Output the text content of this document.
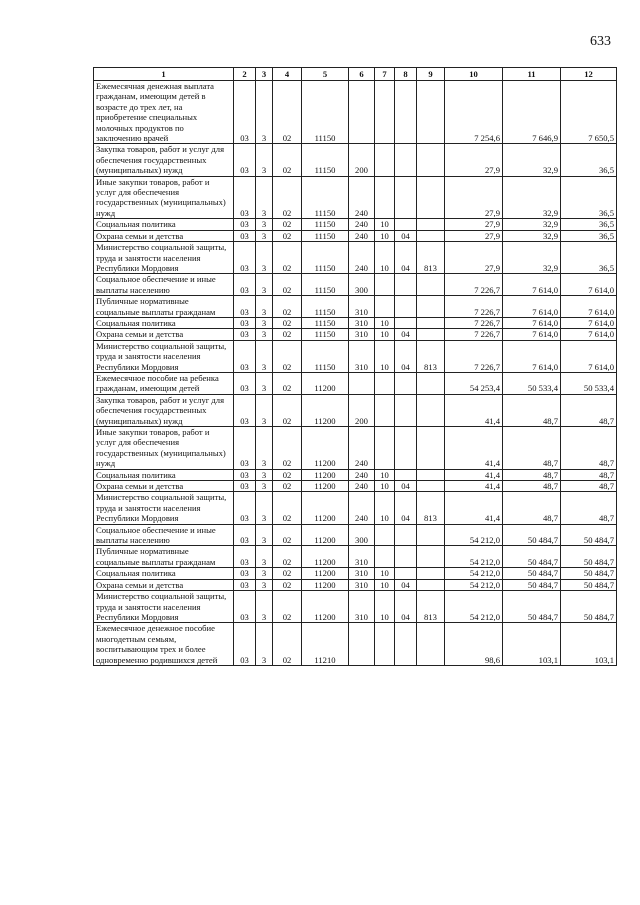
633
1	2	3	4	5	6	7	8	9	10	11	12
Ежемесячная денежная выплата гражданам, имеющим детей в возрасте до трех лет, на приобретение специальных молочных продуктов по заключению врачей	03	3	02	11150					7 254,6	7 646,9	7 650,5
Закупка товаров, работ и услуг для обеспечения государственных (муниципальных) нужд	03	3	02	11150	200				27,9	32,9	36,5
Иные закупки товаров, работ и услуг для обеспечения государственных (муниципальных) нужд	03	3	02	11150	240				27,9	32,9	36,5
Социальная политика	03	3	02	11150	240	10			27,9	32,9	36,5
Охрана семьи и детства	03	3	02	11150	240	10	04		27,9	32,9	36,5
Министерство социальной защиты, труда и занятости населения Республики Мордовия	03	3	02	11150	240	10	04	813	27,9	32,9	36,5
Социальное обеспечение и иные выплаты населению	03	3	02	11150	300				7 226,7	7 614,0	7 614,0
Публичные нормативные социальные выплаты гражданам	03	3	02	11150	310				7 226,7	7 614,0	7 614,0
Социальная политика	03	3	02	11150	310	10			7 226,7	7 614,0	7 614,0
Охрана семьи и детства	03	3	02	11150	310	10	04		7 226,7	7 614,0	7 614,0
Министерство социальной защиты, труда и занятости населения Республики Мордовия	03	3	02	11150	310	10	04	813	7 226,7	7 614,0	7 614,0
Ежемесячное пособие на ребенка гражданам, имеющим детей	03	3	02	11200					54 253,4	50 533,4	50 533,4
Закупка товаров, работ и услуг для обеспечения государственных (муниципальных) нужд	03	3	02	11200	200				41,4	48,7	48,7
Иные закупки товаров, работ и услуг для обеспечения государственных (муниципальных) нужд	03	3	02	11200	240				41,4	48,7	48,7
Социальная политика	03	3	02	11200	240	10			41,4	48,7	48,7
Охрана семьи и детства	03	3	02	11200	240	10	04		41,4	48,7	48,7
Министерство социальной защиты, труда и занятости населения Республики Мордовия	03	3	02	11200	240	10	04	813	41,4	48,7	48,7
Социальное обеспечение и иные выплаты населению	03	3	02	11200	300				54 212,0	50 484,7	50 484,7
Публичные нормативные социальные выплаты гражданам	03	3	02	11200	310				54 212,0	50 484,7	50 484,7
Социальная политика	03	3	02	11200	310	10			54 212,0	50 484,7	50 484,7
Охрана семьи и детства	03	3	02	11200	310	10	04		54 212,0	50 484,7	50 484,7
Министерство социальной защиты, труда и занятости населения Республики Мордовия	03	3	02	11200	310	10	04	813	54 212,0	50 484,7	50 484,7
Ежемесячное денежное пособие многодетным семьям, воспитывающим трех и более одновременно родившихся детей	03	3	02	11210					98,6	103,1	103,1
